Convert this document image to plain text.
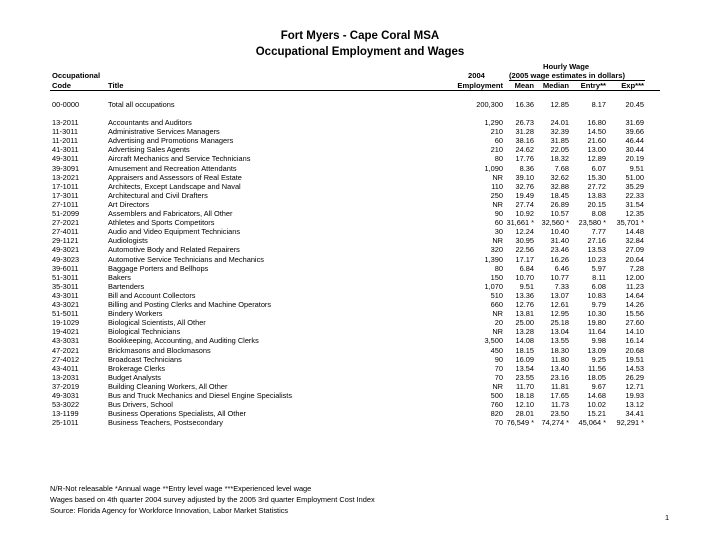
Fort Myers - Cape Coral MSA
Occupational Employment and Wages
Hourly Wage
Occupational	2004	(2005 wage estimates in dollars)
Code	Title	Employment Mean Median Entry** Exp***
00-0000	Total all occupations	200,300 16.36 12.85	8.17	20.45
13-2011	Accountants and Auditors	1,290 26.73 24.01	16.80	31.69
11-3011	Administrative Services Managers	210 31.28 32.39	14.50	39.66
11-2011	Advertising and Promotions Managers	60 38.16 31.85	21.60	46.44
41-3011	Advertising Sales Agents	210 24.62 22.05	13.00	30.44
49-3011	Aircraft Mechanics and Service Technicians	80 17.76 18.32	12.89	20.19
39-3091	Amusement and Recreation Attendants	1,090 8.36	7.68	6.07	9.51
13-2021	Appraisers and Assessors of Real Estate	NR 39.10 32.62	15.30	51.00
17-1011	Architects, Except Landscape and Naval	110 32.76 32.88	27.72	35.29
17-3011	Architectural and Civil Drafters	250 19.49 18.45	13.83	22.33
27-1011	Art Directors	NR 27.74 26.89	20.15	31.54
51-2099	Assemblers and Fabricators, All Other	90 10.92 10.57	8.08	12.35
27-2021	Athletes and Sports Competitors	60 31,661 * 32,560 * 23,580 * 35,701 *
27-4011	Audio and Video Equipment Technicians	30 12.24 10.40	7.77	14.48
29-1121	Audiologists	NR 30.95 31.40	27.16	32.84
49-3021	Automotive Body and Related Repairers	320 22.56 23.46	13.53	27.09
49-3023	Automotive Service Technicians and Mechanics	1,390 17.17 16.26	10.23	20.64
39-6011	Baggage Porters and Bellhops	80 6.84	6.46	5.97	7.28
51-3011	Bakers	150 10.70 10.77	8.11	12.00
35-3011	Bartenders	1,070 9.51	7.33	6.08	11.23
43-3011	Bill and Account Collectors	510 13.36 13.07	10.83	14.64
43-3021	Billing and Posting Clerks and Machine Operators	660 12.76 12.61	9.79	14.26
51-5011	Bindery Workers	NR 13.81 12.95	10.30	15.56
19-1029	Biological Scientists, All Other	20 25.00 25.18	19.80	27.60
19-4021	Biological Technicians	NR 13.28 13.04	11.64	14.10
43-3031	Bookkeeping, Accounting, and Auditing Clerks	3,500 14.08 13.55	9.98	16.14
47-2021	Brickmasons and Blockmasons	450 18.15 18.30	13.09	20.68
27-4012	Broadcast Technicians	90 16.09 11.80	9.25	19.51
43-4011	Brokerage Clerks	70 13.54 13.40	11.56	14.53
13-2031	Budget Analysts	70 23.55 23.16	18.05	26.29
37-2019	Building Cleaning Workers, All Other	NR 11.70 11.81	9.67	12.71
49-3031	Bus and Truck Mechanics and Diesel Engine Specialists	500 18.18 17.65	14.68	19.93
53-3022	Bus Drivers, School	760 12.10 11.73	10.02	13.12
13-1199	Business Operations Specialists, All Other	820 28.01 23.50	15.21	34.41
25-1011	Business Teachers, Postsecondary	70 76,549 * 74,274 * 45,064 * 92,291 *
N/R-Not releasable *Annual wage **Entry level wage ***Experienced level wage
Wages based on 4th quarter 2004 survey adjusted by the 2005 3rd quarter Employment Cost Index
Source: Florida Agency for Workforce Innovation, Labor Market Statistics
1
